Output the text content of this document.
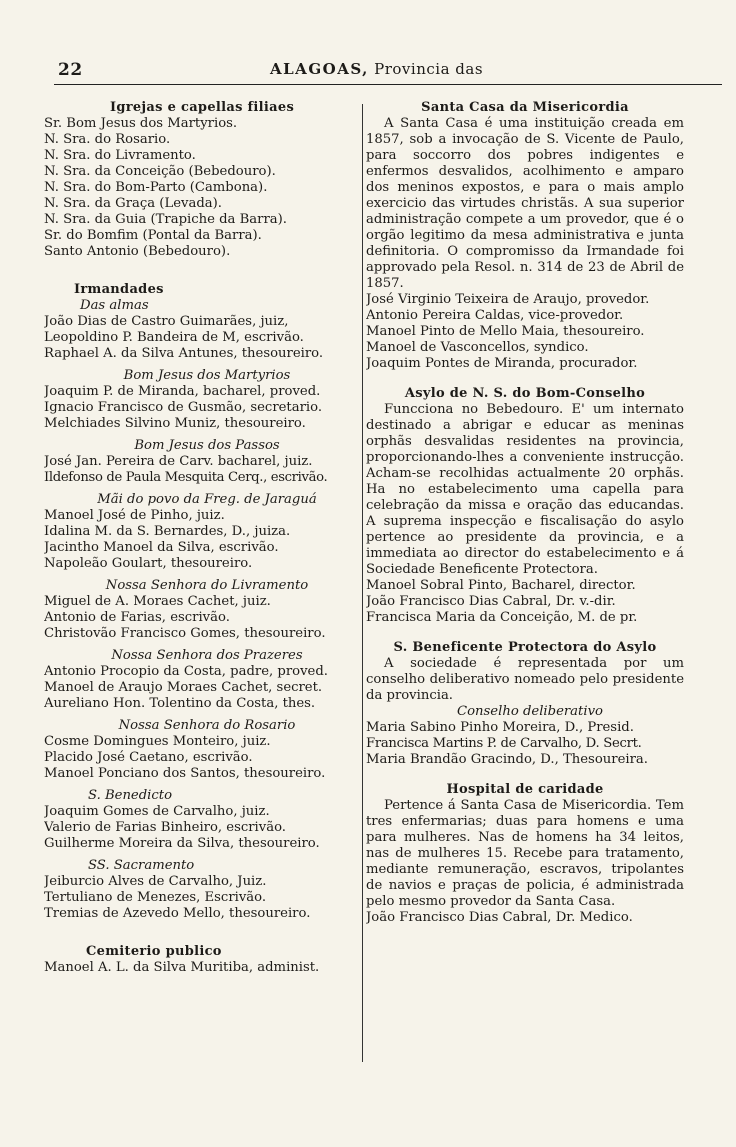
22	ALAGOAS, Provincia das

Igrejas e capellas filiaes

Sr. Bom Jesus dos Martyrios.
N. Sra. do Rosario.
N. Sra. do Livramento.
N. Sra. da Conceição (Bebedouro).
N. Sra. do Bom-Parto (Cambona).
N. Sra. da Graça (Levada).
N. Sra. da Guia (Trapiche da Barra).
Sr. do Bomfim (Pontal da Barra).
Santo Antonio (Bebedouro).

Irmandades

Das almas

João Dias de Castro Guimarães, juiz,

Leopoldino P. Bandeira de M, escrivão.

Raphael A. da Silva Antunes, thesoureiro.

Bom Jesus dos Martyrios

Joaquim P. de Miranda, bacharel, proved.

Ignacio Francisco de Gusmão, secretario.

Melchiades Silvino Muniz, thesoureiro.

Bom Jesus dos Passos

José Jan. Pereira de Carv. bacharel, juiz.

Ildefonso de Paula Mesquita Cerq., escrivão.

Mãi do povo da Freg. de Jaraguá

Manoel José de Pinho, juiz.

Idalina M. da S. Bernardes, D., juiza.

Jacintho Manoel da Silva, escrivão.

Napoleão Goulart, thesoureiro.

Nossa Senhora do Livramento

Miguel de A. Moraes Cachet, juiz.

Antonio de Farias, escrivão.

Christovão Francisco Gomes, thesoureiro.

Nossa Senhora dos Prazeres

Antonio Procopio da Costa, padre, proved.

Manoel de Araujo Moraes Cachet, secret.

Aureliano Hon. Tolentino da Costa, thes.

Nossa Senhora do Rosario

Cosme Domingues Monteiro, juiz.

Placido José Caetano, escrivão.

Manoel Ponciano dos Santos, thesoureiro.

S. Benedicto

Joaquim Gomes de Carvalho, juiz.

Valerio de Farias Binheiro, escrivão.

Guilherme Moreira da Silva, thesoureiro.

SS. Sacramento

Jeiburcio Alves de Carvalho, Juiz.

Tertuliano de Menezes, Escrivão.

Tremias de Azevedo Mello, thesoureiro.

Cemiterio publico

Manoel A. L. da Silva Muritiba, administ.

Santa Casa da Misericordia

A Santa Casa é uma instituição creada em 1857, sob a invocação de S. Vicente de Paulo, para soccorro dos pobres indigentes e enfermos desvalidos, acolhimento e amparo dos meninos expostos, e para o mais amplo exercicio das virtudes christãs. A sua superior administração compete a um provedor, que é o orgão legitimo da mesa administrativa e junta definitoria. O compromisso da Irmandade foi approvado pela Resol. n. 314 de 23 de Abril de 1857.

José Virginio Teixeira de Araujo, provedor.

Antonio Pereira Caldas, vice-provedor.

Manoel Pinto de Mello Maia, thesoureiro.

Manoel de Vasconcellos, syndico.

Joaquim Pontes de Miranda, procurador.

Asylo de N. S. do Bom-Conselho

Funcciona no Bebedouro. E' um internato destinado a abrigar e educar as meninas orphãs desvalidas residentes na provincia, proporcionando-lhes a conveniente instrucção. Acham-se recolhidas actualmente 20 orphãs. Ha no estabelecimento uma capella para celebração da missa e oração das educandas. A suprema inspecção e fiscalisação do asylo pertence ao presidente da provincia, e a immediata ao director do estabelecimento e á Sociedade Beneficente Protectora.

Manoel Sobral Pinto, Bacharel, director.

João Francisco Dias Cabral, Dr. v.-dir.

Francisca Maria da Conceição, M. de pr.

S. Beneficente Protectora do Asylo

A sociedade é representada por um conselho deliberativo nomeado pelo presidente da provincia.

Conselho deliberativo

Maria Sabino Pinho Moreira, D., Presid.

Francisca Martins P. de Carvalho, D. Secrt.

Maria Brandão Gracindo, D., Thesoureira.

Hospital de caridade

Pertence á Santa Casa de Misericordia. Tem tres enfermarias; duas para homens e uma para mulheres. Nas de homens ha 34 leitos, nas de mulheres 15. Recebe para tratamento, mediante remuneração, escravos, tripolantes de navios e praças de policia, é administrada pelo mesmo provedor da Santa Casa.

João Francisco Dias Cabral, Dr. Medico.
